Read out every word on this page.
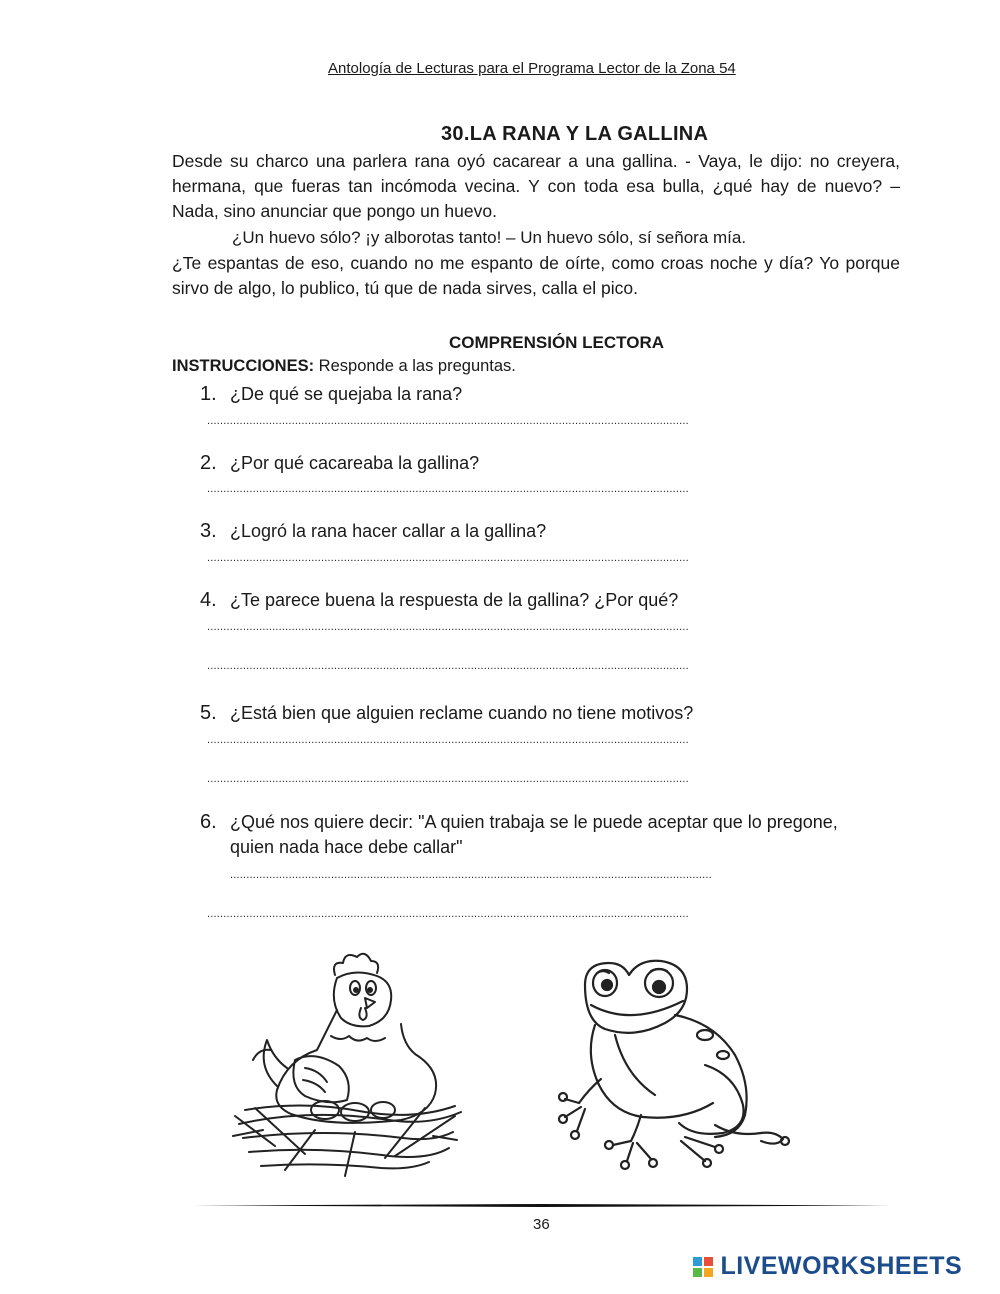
Antología de Lecturas para el Programa Lector de la Zona 54
30.LA RANA Y LA GALLINA
Desde su charco una parlera rana oyó cacarear a una gallina. - Vaya, le dijo: no creyera, hermana, que fueras tan incómoda vecina. Y con toda esa bulla, ¿qué hay de nuevo? – Nada, sino anunciar que pongo un huevo.
¿Un huevo sólo? ¡y alborotas tanto! – Un huevo sólo, sí señora mía.
¿Te espantas de eso, cuando no me espanto de oírte, como croas noche y día? Yo porque sirvo de algo, lo publico, tú que de nada sirves, calla el pico.
COMPRENSIÓN LECTORA
INSTRUCCIONES: Responde a las preguntas.
1. ¿De qué se quejaba la rana?
....................................................................................................................................................
2. ¿Por qué cacareaba la gallina?
....................................................................................................................................................
3. ¿Logró la rana hacer callar a la gallina?
....................................................................................................................................................
4. ¿Te parece buena la respuesta de la gallina? ¿Por qué?
....................................................................................................................................................
....................................................................................................................................................
5. ¿Está bien que alguien reclame cuando no tiene motivos?
....................................................................................................................................................
....................................................................................................................................................
6. ¿Qué nos quiere decir: "A quien trabaja se le puede aceptar que lo pregone, quien nada hace debe callar"
....................................................................................................................................................
....................................................................................................................................................
36

LIVEWORKSHEETS
